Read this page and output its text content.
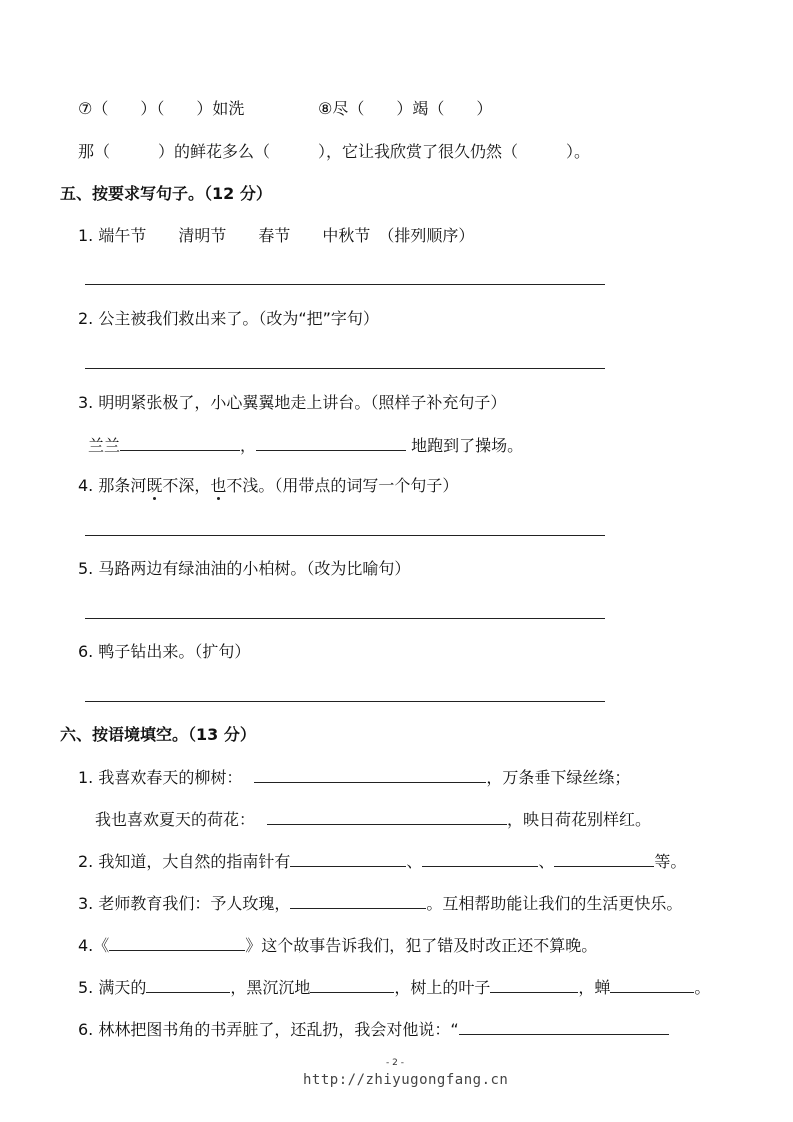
⑦（　　）（　　）如洗	⑧尽（　　）竭（　　）
那（　　　）的鲜花多么（　　　），它让我欣赏了很久仍然（　　　）。
五、按要求写句子。（12 分）
1. 端午节　　清明节　　春节　　中秋节　（排列顺序）
2. 公主被我们救出来了。（改为“把”字句）
3. 明明紧张极了，小心翼翼地走上讲台。（照样子补充句子）
兰兰	，	地跑到了操场。
4. 那条河既不深，也不浅。（用带点的词写一个句子）
5. 马路两边有绿油油的小柏树。（改为比喻句）
6. 鸭子钻出来。（扩句）
六、按语境填空。（13 分）
1. 我喜欢春天的柳树：	，万条垂下绿丝绦；
我也喜欢夏天的荷花：	，映日荷花别样红。
2. 我知道，大自然的指南针有	、	、	等。
3. 老师教育我们：予人玫瑰，	。互相帮助能让我们的生活更快乐。
4.《	》这个故事告诉我们，犯了错及时改正还不算晚。
5. 满天的	，黑沉沉地	，树上的叶子	，蝉	。
6. 林林把图书角的书弄脏了，还乱扔，我会对他说：“
- 2 -
http://zhiyugongfang.cn
